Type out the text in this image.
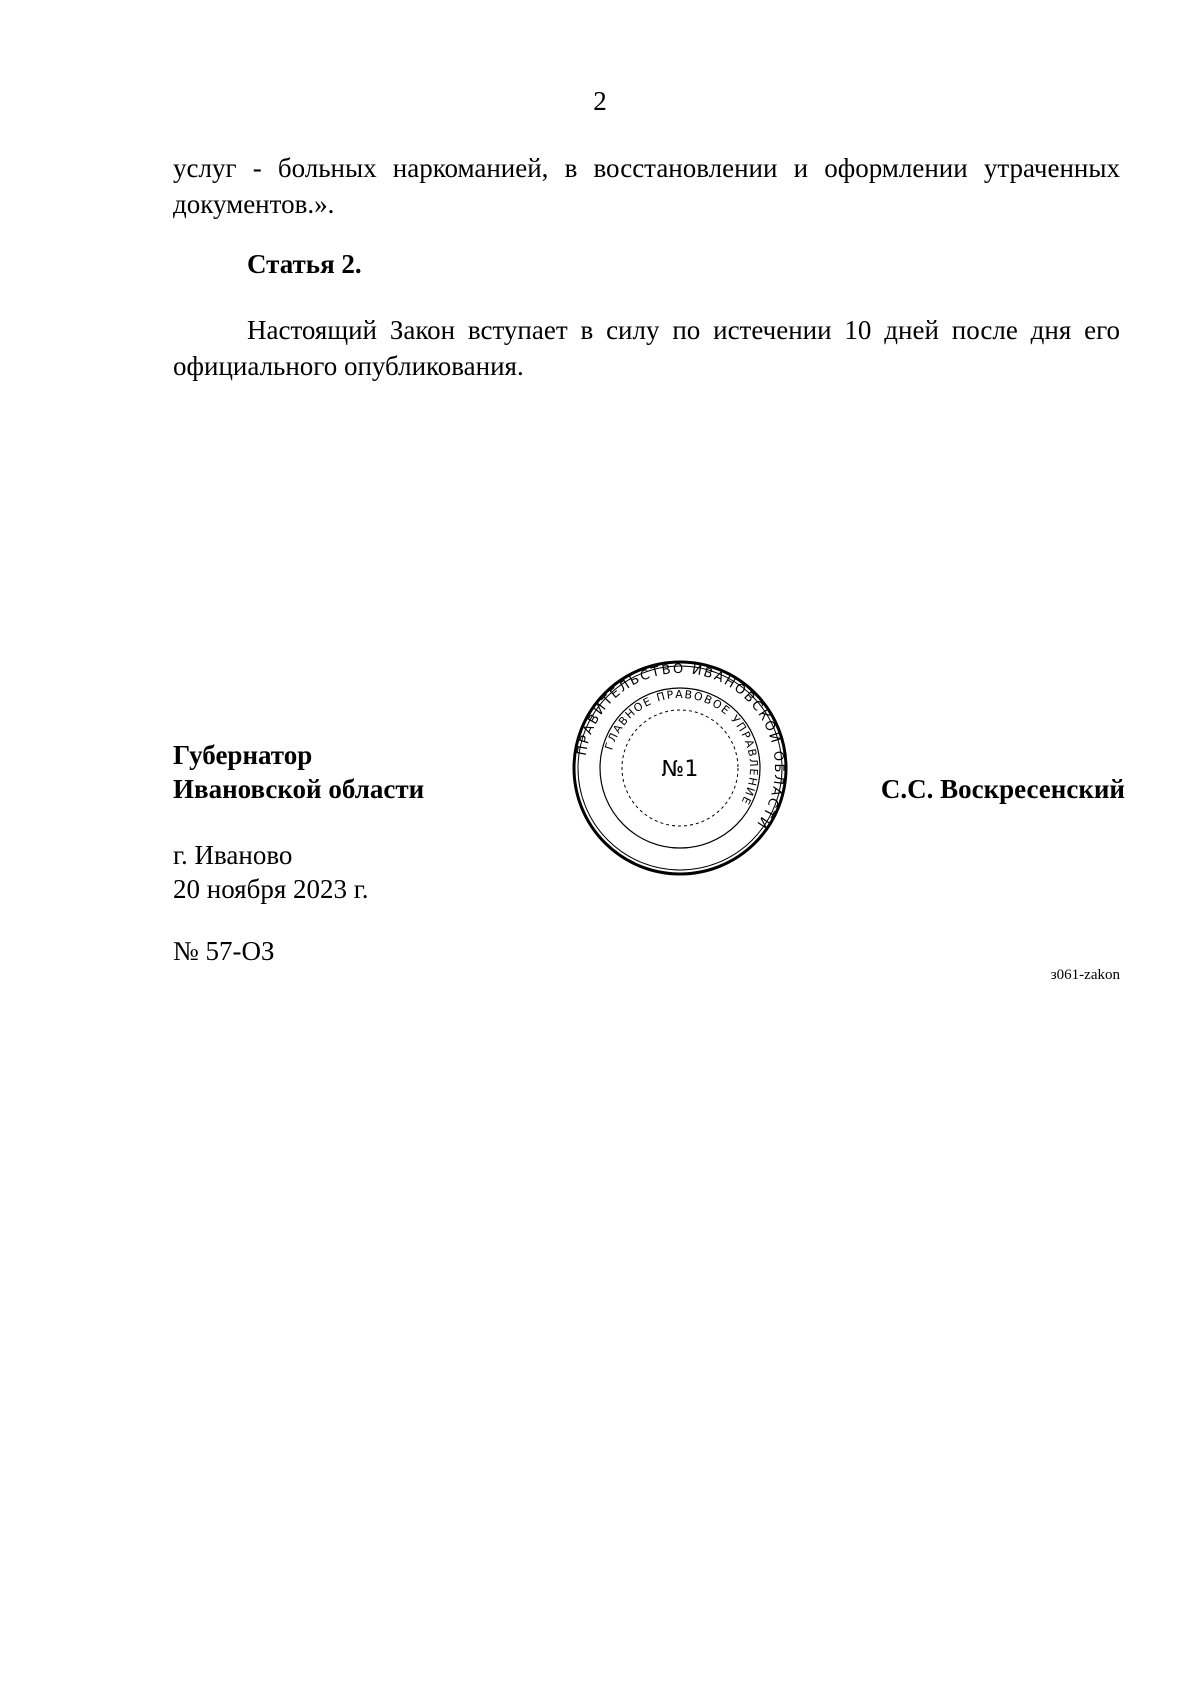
2

услуг - больных наркоманией, в восстановлении и оформлении утраченных
документов.».

Статья 2.

Настоящий Закон вступает в силу по истечении 10 дней после дня его
официального опубликования.

ПРАВИТЕЛЬСТВО ИВАНОВСКОЙ ОБЛАСТИ
ГЛАВНОЕ ПРАВОВОЕ УПРАВЛЕНИЕ
№1
Губернатор
Ивановской области	С.С. Воскресенский
г. Иваново
20 ноября 2023 г.
№ 57-ОЗ
з061-zakon
